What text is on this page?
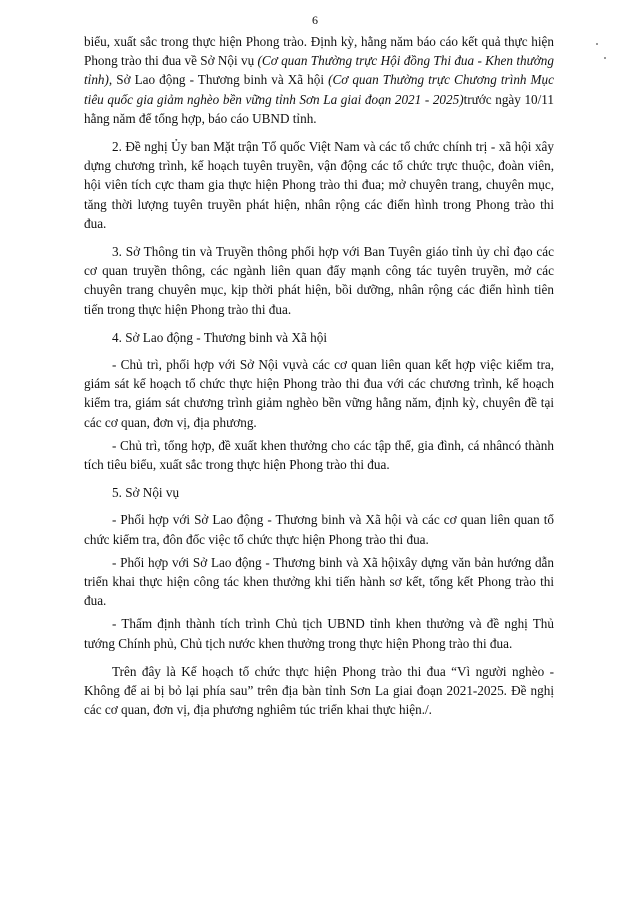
6

biểu, xuất sắc trong thực hiện Phong trào. Định kỳ, hằng năm báo cáo kết quả thực hiện Phong trào thi đua về Sở Nội vụ (Cơ quan Thường trực Hội đồng Thi đua - Khen thưởng tỉnh), Sở Lao động - Thương binh và Xã hội (Cơ quan Thường trực Chương trình Mục tiêu quốc gia giảm nghèo bền vững tỉnh Sơn La giai đoạn 2021 - 2025)trước ngày 10/11 hằng năm để tổng hợp, báo cáo UBND tỉnh.

2. Đề nghị Ủy ban Mặt trận Tổ quốc Việt Nam và các tổ chức chính trị - xã hội xây dựng chương trình, kế hoạch tuyên truyền, vận động các tổ chức trực thuộc, đoàn viên, hội viên tích cực tham gia thực hiện Phong trào thi đua; mở chuyên trang, chuyên mục, tăng thời lượng tuyên truyền phát hiện, nhân rộng các điển hình trong Phong trào thi đua.

3. Sở Thông tin và Truyền thông phối hợp với Ban Tuyên giáo tỉnh ủy chỉ đạo các cơ quan truyền thông, các ngành liên quan đẩy mạnh công tác tuyên truyền, mở các chuyên trang chuyên mục, kịp thời phát hiện, bồi dưỡng, nhân rộng các điển hình tiên tiến trong thực hiện Phong trào thi đua.

4. Sở Lao động - Thương binh và Xã hội

- Chủ trì, phối hợp với Sở Nội vụvà các cơ quan liên quan kết hợp việc kiểm tra, giám sát kế hoạch tổ chức thực hiện Phong trào thi đua với các chương trình, kế hoạch kiểm tra, giám sát chương trình giảm nghèo bền vững hằng năm, định kỳ, chuyên đề tại các cơ quan, đơn vị, địa phương.

- Chủ trì, tổng hợp, đề xuất khen thưởng cho các tập thể, gia đình, cá nhâncó thành tích tiêu biểu, xuất sắc trong thực hiện Phong trào thi đua.

5. Sở Nội vụ

- Phối hợp với Sở Lao động - Thương binh và Xã hội và các cơ quan liên quan tổ chức kiểm tra, đôn đốc việc tổ chức thực hiện Phong trào thi đua.

- Phối hợp với Sở Lao động - Thương binh và Xã hộixây dựng văn bản hướng dẫn triển khai thực hiện công tác khen thưởng khi tiến hành sơ kết, tổng kết Phong trào thi đua.

- Thẩm định thành tích trình Chủ tịch UBND tỉnh khen thưởng và đề nghị Thủ tướng Chính phủ, Chủ tịch nước khen thưởng trong thực hiện Phong trào thi đua.

Trên đây là Kế hoạch tổ chức thực hiện Phong trào thi đua “Vì người nghèo - Không để ai bị bỏ lại phía sau” trên địa bàn tỉnh Sơn La giai đoạn 2021-2025. Đề nghị các cơ quan, đơn vị, địa phương nghiêm túc triển khai thực hiện./.
